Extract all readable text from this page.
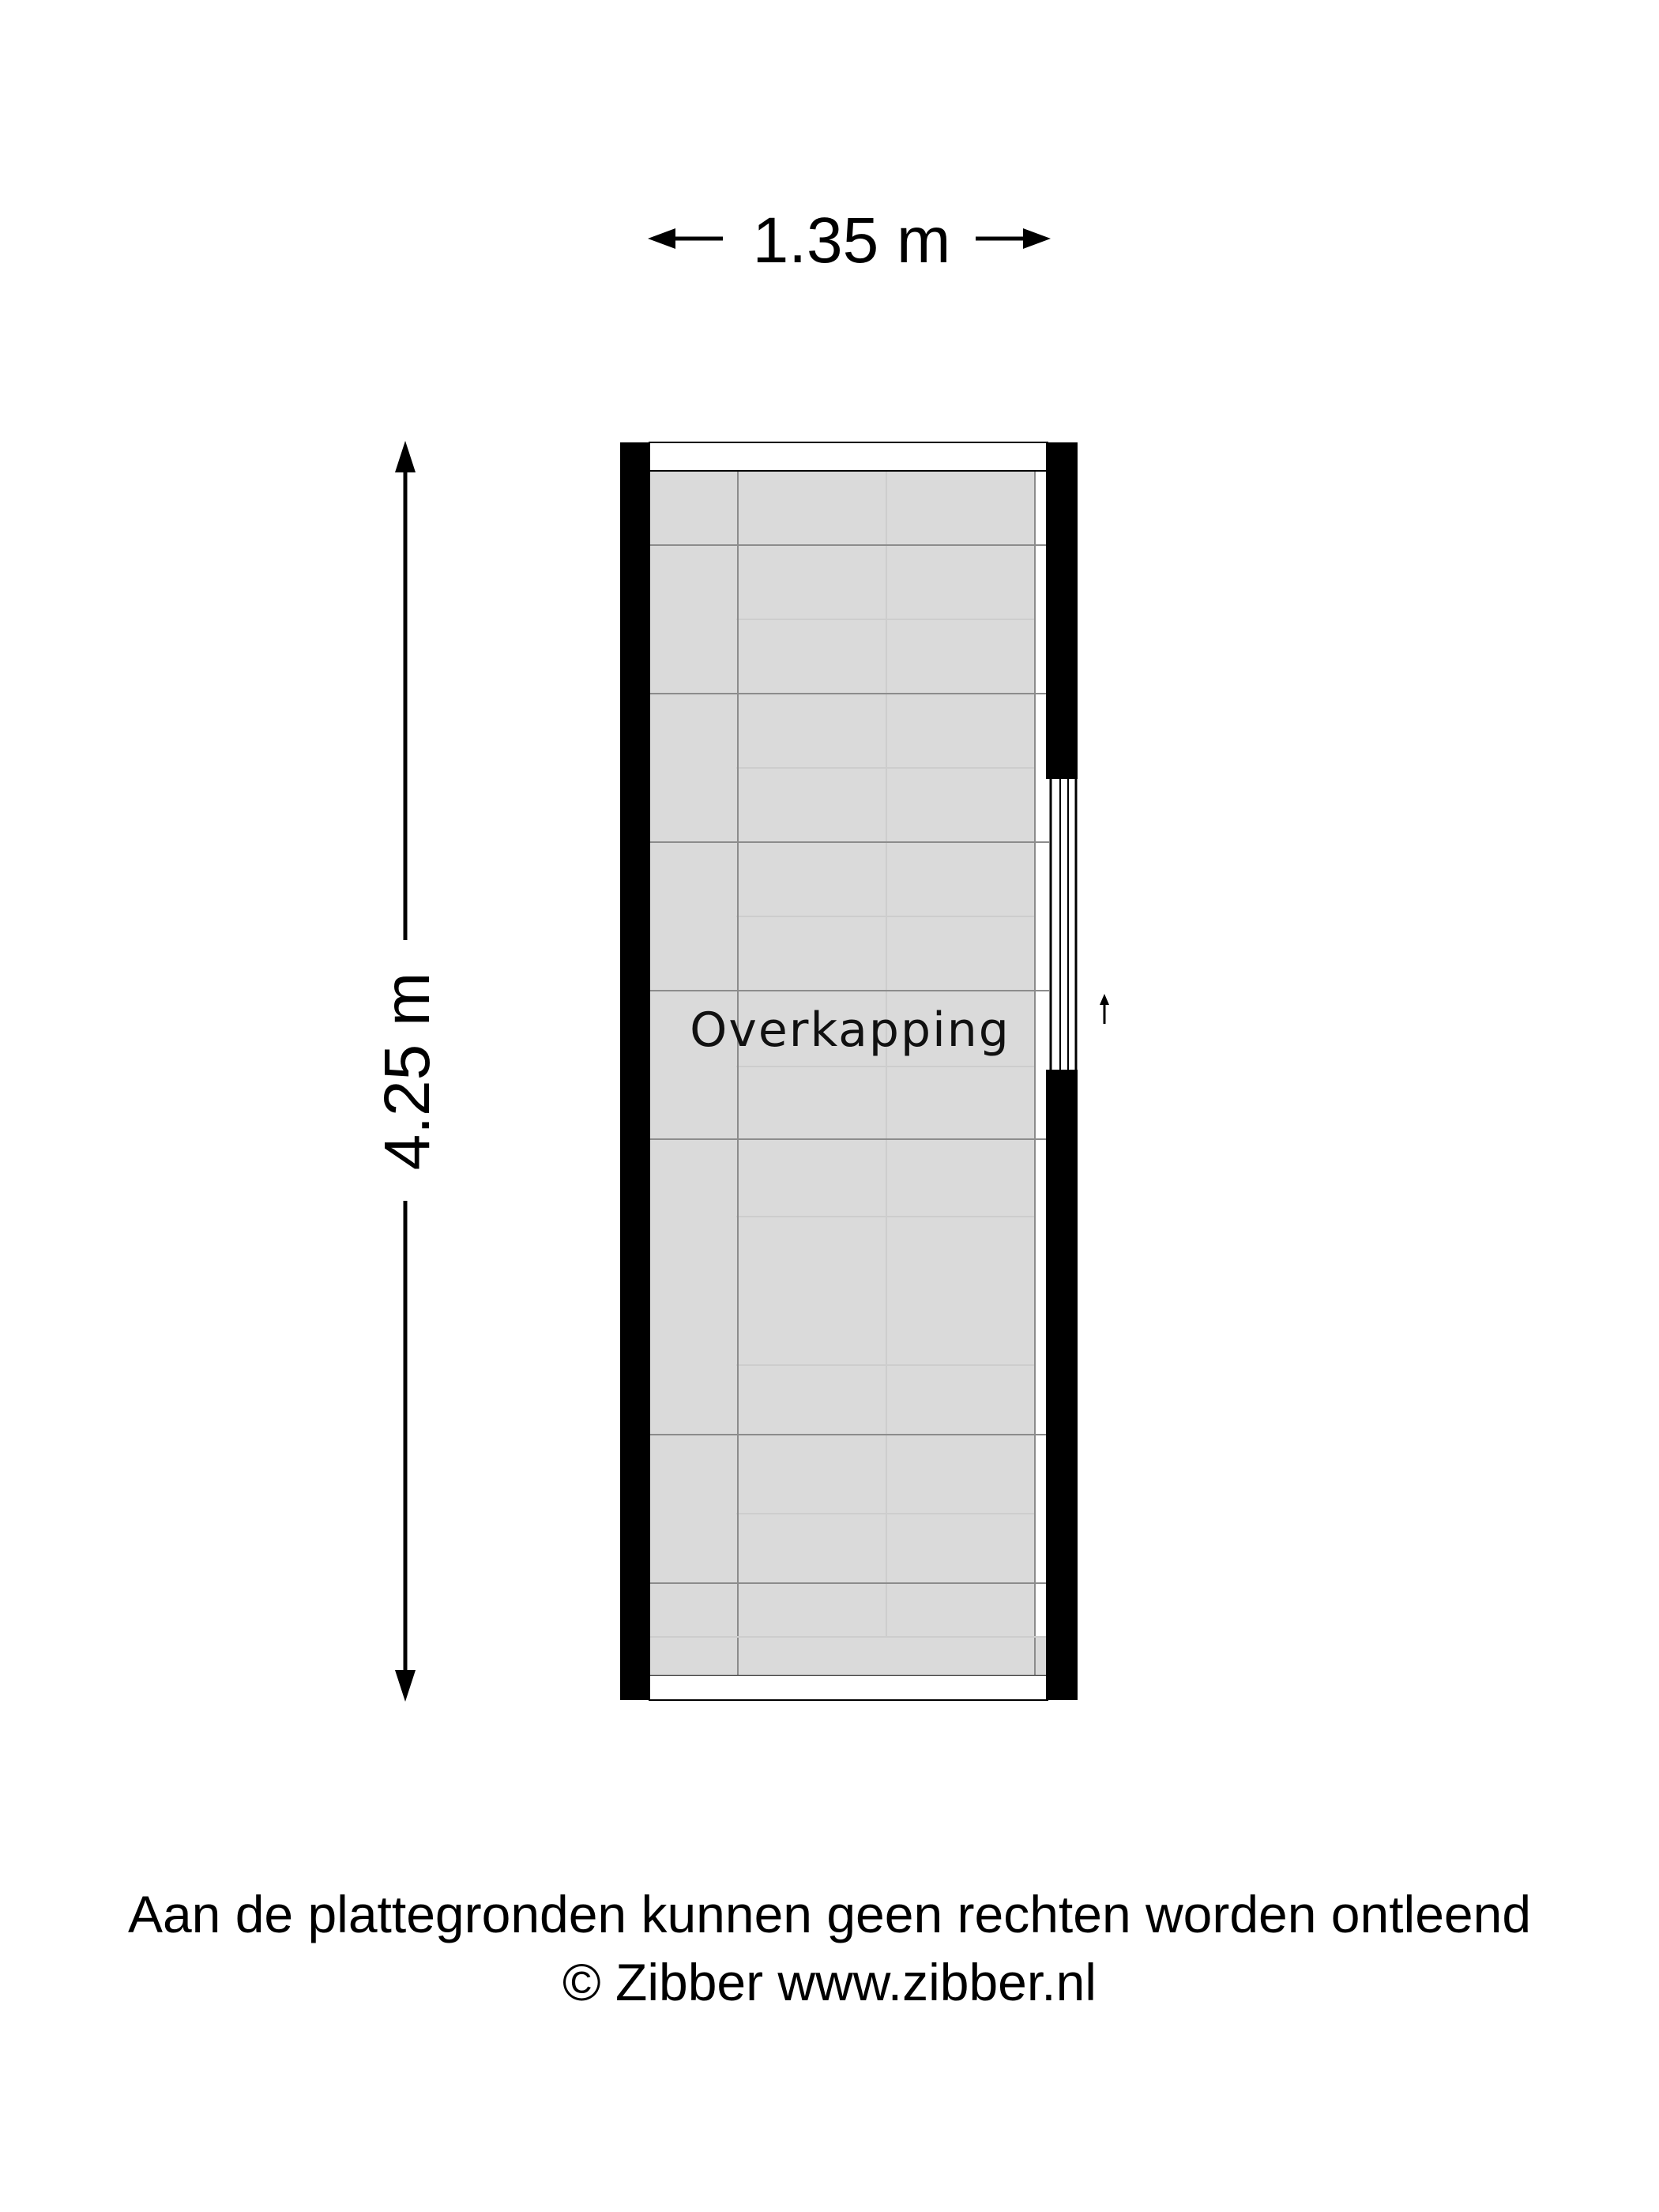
1.35 m
4.25 m	Overkapping
Aan de plattegronden kunnen geen rechten worden ontleend
© Zibber www.zibber.nl
